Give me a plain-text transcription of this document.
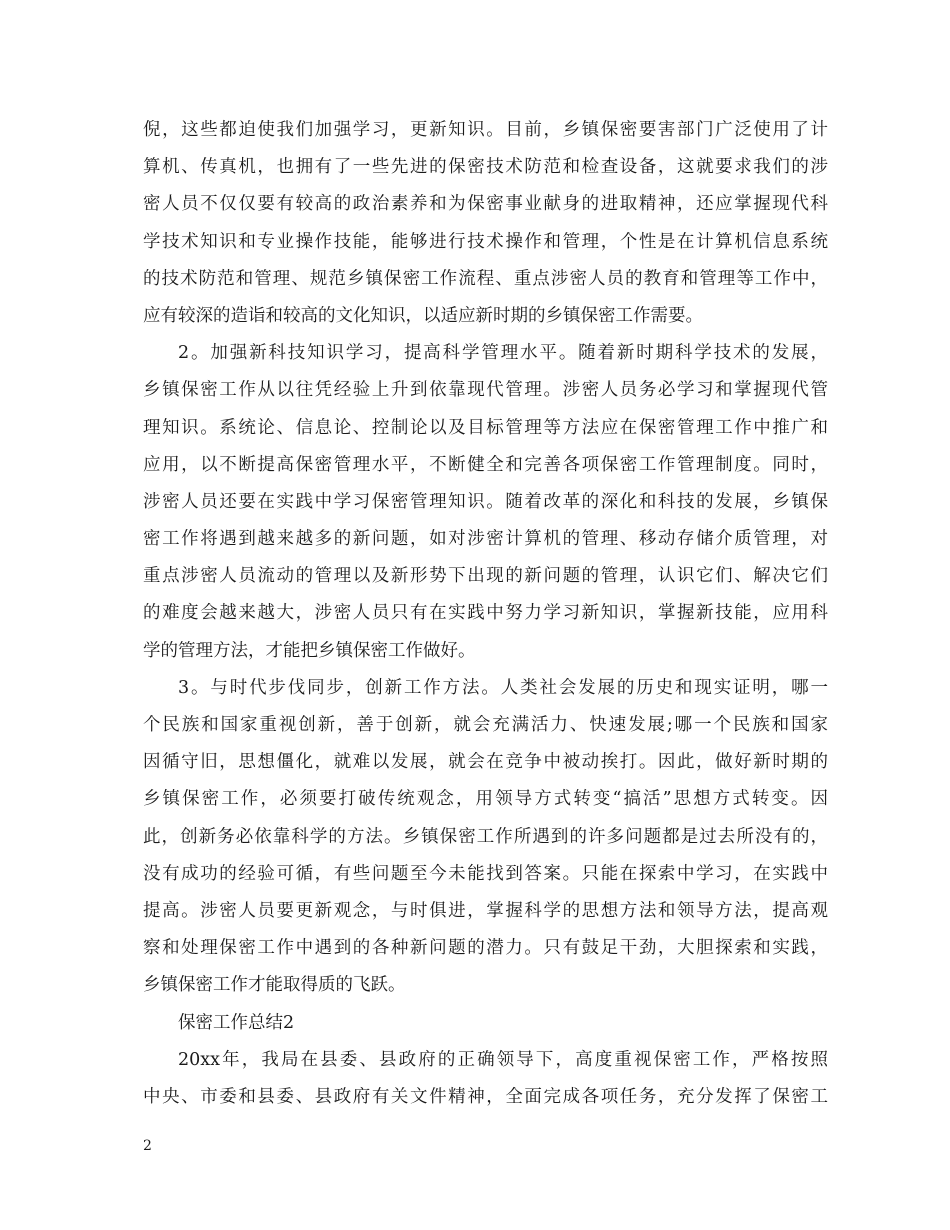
倪，这些都迫使我们加强学习，更新知识。目前，乡镇保密要害部门广泛使用了计
算机、传真机，也拥有了一些先进的保密技术防范和检查设备，这就要求我们的涉
密人员不仅仅要有较高的政治素养和为保密事业献身的进取精神，还应掌握现代科
学技术知识和专业操作技能，能够进行技术操作和管理，个性是在计算机信息系统
的技术防范和管理、规范乡镇保密工作流程、重点涉密人员的教育和管理等工作中，
应有较深的造诣和较高的文化知识，以适应新时期的乡镇保密工作需要。
2。加强新科技知识学习，提高科学管理水平。随着新时期科学技术的发展，
乡镇保密工作从以往凭经验上升到依靠现代管理。涉密人员务必学习和掌握现代管
理知识。系统论、信息论、控制论以及目标管理等方法应在保密管理工作中推广和
应用，以不断提高保密管理水平，不断健全和完善各项保密工作管理制度。同时，
涉密人员还要在实践中学习保密管理知识。随着改革的深化和科技的发展，乡镇保
密工作将遇到越来越多的新问题，如对涉密计算机的管理、移动存储介质管理，对
重点涉密人员流动的管理以及新形势下出现的新问题的管理，认识它们、解决它们
的难度会越来越大，涉密人员只有在实践中努力学习新知识，掌握新技能，应用科
学的管理方法，才能把乡镇保密工作做好。
3。与时代步伐同步，创新工作方法。人类社会发展的历史和现实证明，哪一
个民族和国家重视创新，善于创新，就会充满活力、快速发展;哪一个民族和国家
因循守旧，思想僵化，就难以发展，就会在竞争中被动挨打。因此，做好新时期的
乡镇保密工作，必须要打破传统观念，用领导方式转变“搞活”思想方式转变。因
此，创新务必依靠科学的方法。乡镇保密工作所遇到的许多问题都是过去所没有的，
没有成功的经验可循，有些问题至今未能找到答案。只能在探索中学习，在实践中
提高。涉密人员要更新观念，与时俱进，掌握科学的思想方法和领导方法，提高观
察和处理保密工作中遇到的各种新问题的潜力。只有鼓足干劲，大胆探索和实践，
乡镇保密工作才能取得质的飞跃。
保密工作总结2
20xx年，我局在县委、县政府的正确领导下，高度重视保密工作，严格按照
中央、市委和县委、县政府有关文件精神，全面完成各项任务，充分发挥了保密工
2
